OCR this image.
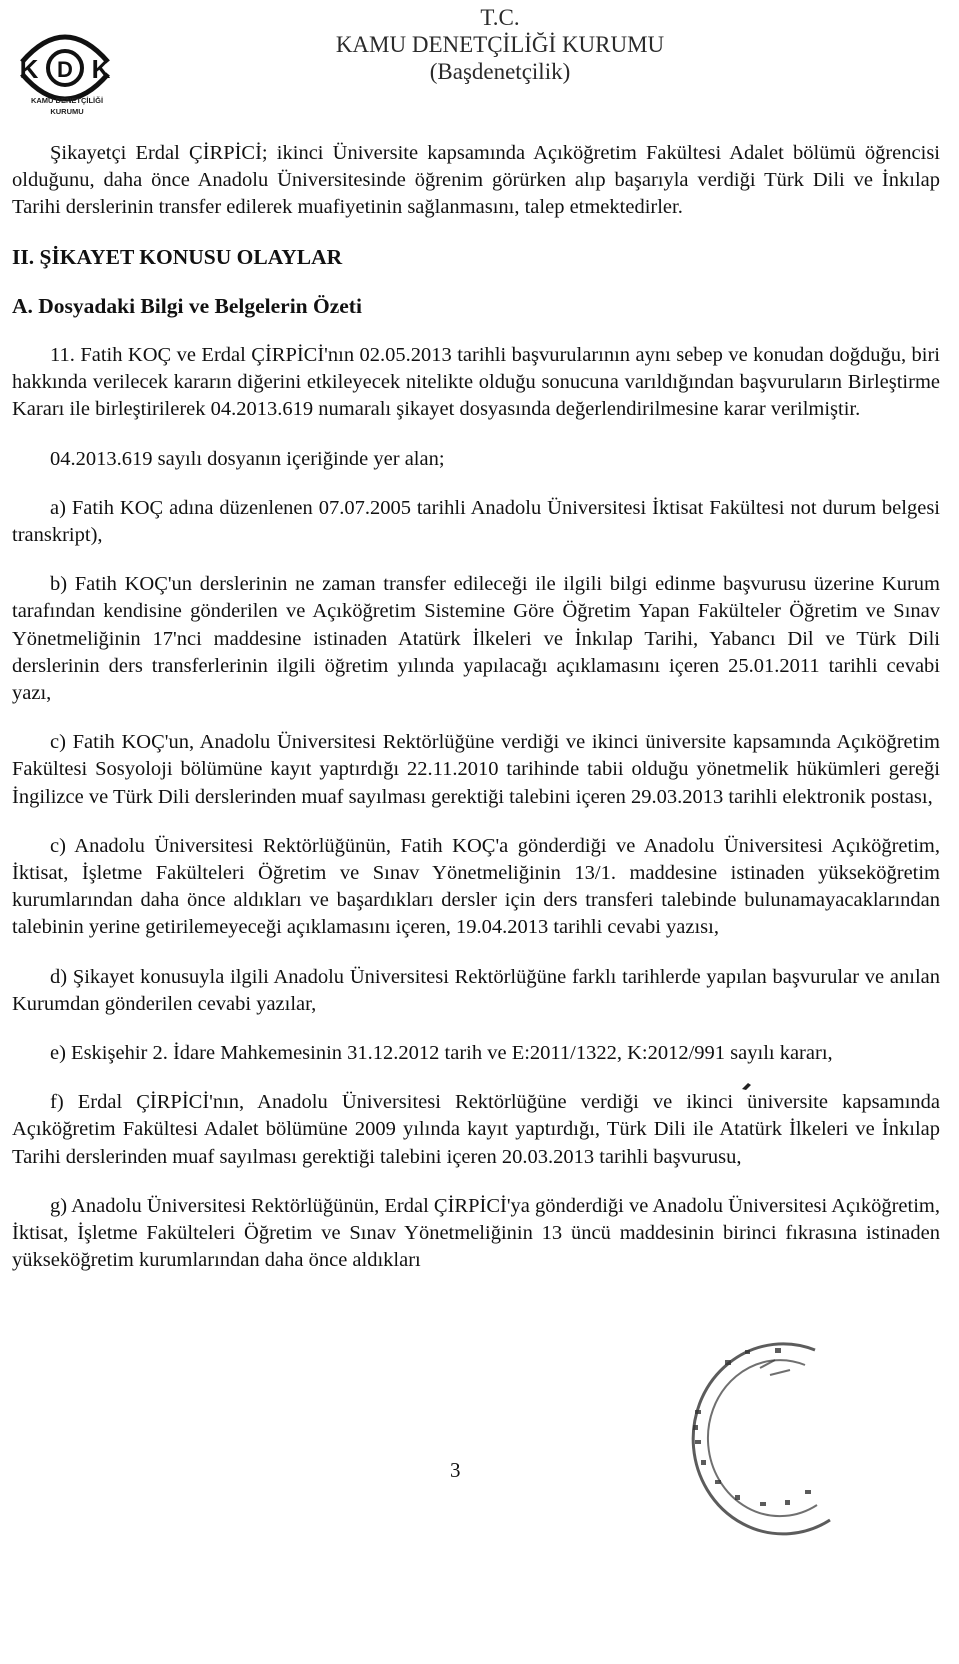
K D K
KAMU DENETÇİLİĞİ
KURUMU
T.C.
KAMU DENETÇİLİĞİ KURUMU
(Başdenetçilik)

Şikayetçi Erdal ÇİRPİCİ; ikinci Üniversite kapsamında Açıköğretim Fakültesi Adalet bölümü öğrencisi olduğunu, daha önce Anadolu Üniversitesinde öğrenim görürken alıp başarıyla verdiği Türk Dili ve İnkılap Tarihi derslerinin transfer edilerek muafiyetinin sağlanmasını, talep etmektedirler.

II. ŞİKAYET KONUSU OLAYLAR

A. Dosyadaki Bilgi ve Belgelerin Özeti

11. Fatih KOÇ ve Erdal ÇİRPİCİ'nın 02.05.2013 tarihli başvurularının aynı sebep ve konudan doğduğu, biri hakkında verilecek kararın diğerini etkileyecek nitelikte olduğu sonucuna varıldığından başvuruların Birleştirme Kararı ile birleştirilerek 04.2013.619 numaralı şikayet dosyasında değerlendirilmesine karar verilmiştir.

04.2013.619 sayılı dosyanın içeriğinde yer alan;

a) Fatih KOÇ adına düzenlenen 07.07.2005 tarihli Anadolu Üniversitesi İktisat Fakültesi not durum belgesi transkript),

b) Fatih KOÇ'un derslerinin ne zaman transfer edileceği ile ilgili bilgi edinme başvurusu üzerine Kurum tarafından kendisine gönderilen ve Açıköğretim Sistemine Göre Öğretim Yapan Fakülteler Öğretim ve Sınav Yönetmeliğinin 17'nci maddesine istinaden Atatürk İlkeleri ve İnkılap Tarihi, Yabancı Dil ve Türk Dili derslerinin ders transferlerinin ilgili öğretim yılında yapılacağı açıklamasını içeren 25.01.2011 tarihli cevabi yazı,

c) Fatih KOÇ'un, Anadolu Üniversitesi Rektörlüğüne verdiği ve ikinci üniversite kapsamında Açıköğretim Fakültesi Sosyoloji bölümüne kayıt yaptırdığı 22.11.2010 tarihinde tabii olduğu yönetmelik hükümleri gereği İngilizce ve Türk Dili derslerinden muaf sayılması gerektiği talebini içeren 29.03.2013 tarihli elektronik postası,

c) Anadolu Üniversitesi Rektörlüğünün, Fatih KOÇ'a gönderdiği ve Anadolu Üniversitesi Açıköğretim, İktisat, İşletme Fakülteleri Öğretim ve Sınav Yönetmeliğinin 13/1. maddesine istinaden yükseköğretim kurumlarından daha önce aldıkları ve başardıkları dersler için ders transferi talebinde bulunamayacaklarından talebinin yerine getirilemeyeceği açıklamasını içeren, 19.04.2013 tarihli cevabi yazısı,

d) Şikayet konusuyla ilgili Anadolu Üniversitesi Rektörlüğüne farklı tarihlerde yapılan başvurular ve anılan Kurumdan gönderilen cevabi yazılar,

e) Eskişehir 2. İdare Mahkemesinin 31.12.2012 tarih ve E:2011/1322, K:2012/991 sayılı kararı,

f) Erdal ÇİRPİCİ'nın, Anadolu Üniversitesi Rektörlüğüne verdiği ve ikinci üniversite kapsamında Açıköğretim Fakültesi Adalet bölümüne 2009 yılında kayıt yaptırdığı, Türk Dili ile Atatürk İlkeleri ve İnkılap Tarihi derslerinden muaf sayılması gerektiği talebini içeren 20.03.2013 tarihli başvurusu,

g) Anadolu Üniversitesi Rektörlüğünün, Erdal ÇİRPİCİ'ya gönderdiği ve Anadolu Üniversitesi Açıköğretim, İktisat, İşletme Fakülteleri Öğretim ve Sınav Yönetmeliğinin 13 üncü maddesinin birinci fıkrasına istinaden yükseköğretim kurumlarından daha önce aldıkları

3
